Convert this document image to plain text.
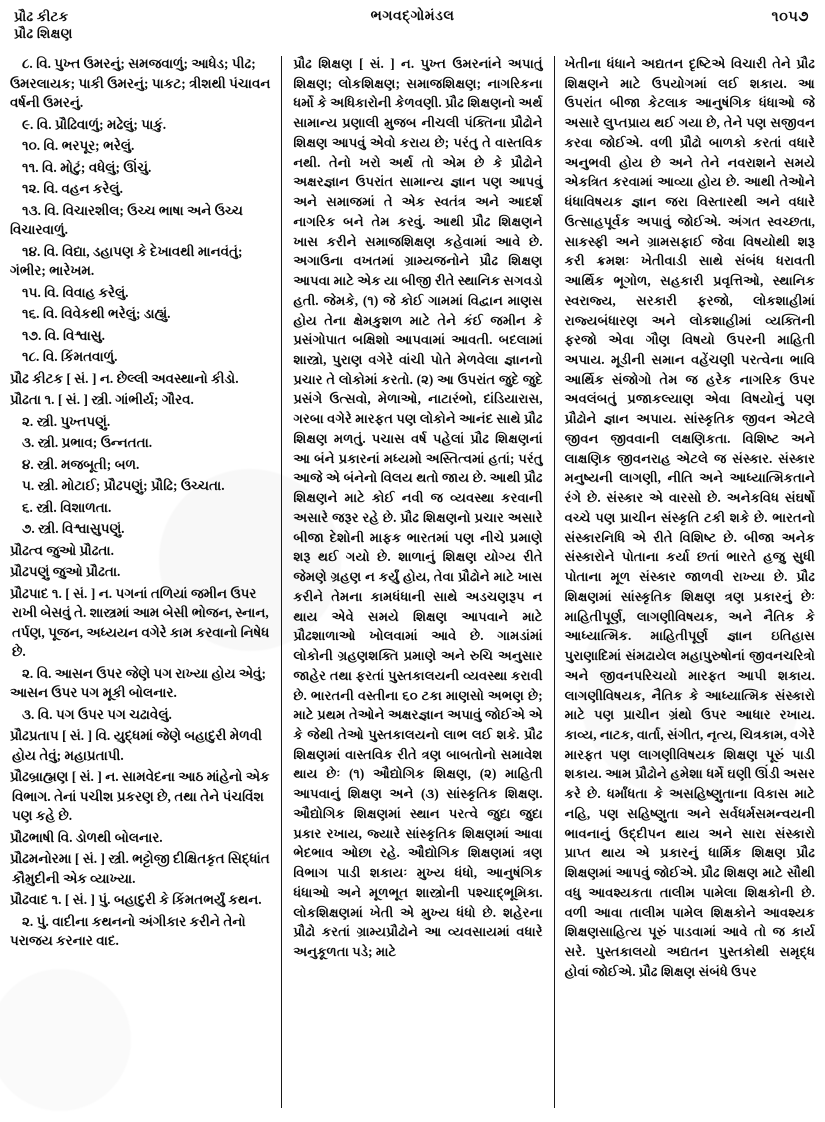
પ્રૌઢ કીટક
પ્રૌઢ શિક્ષણ
ભગવદ્ગોમંડલ	૧૦૫૭

૮. વિ. પુખ્ત ઉમરનું; સમજવાળું; આધેડ; પીઢ; ઉમરલાયક; પાકી ઉમરનું; પાકટ; ત્રીશથી પંચાવન વર્ષની ઉમરનું.

૯. વિ. પ્રૌઢિવાળું; મઢેલું; પાકું.

૧૦. વિ. ભરપૂર; ભરેલું.

૧૧. વિ. મોટું; વધેલું; ઊંચું.

૧૨. વિ. વહન કરેલું.

૧૩. વિ. વિચારશીલ; ઉચ્ચ ભાષા અને ઉચ્ચ વિચારવાળું.

૧૪. વિ. વિદ્યા, ડહાપણ કે દેખાવથી માનવંતું; ગંભીર; ભારેખમ.

૧૫. વિ. વિવાહ કરેલું.

૧૬. વિ. વિવેકથી ભરેલું; ડાહ્યું.

૧૭. વિ. વિશ્વાસુ.

૧૮. વિ. કિંમતવાળું.

પ્રૌઢ કીટક [ સં. ] ન. છેલ્લી અવસ્થાનો કીડો.

પ્રૌઢતા ૧. [ સં. ] સ્ત્રી. ગાંભીર્ય; ગૌરવ.

૨. સ્ત્રી. પુખ્તપણું.

૩. સ્ત્રી. પ્રભાવ; ઉન્નતતા.

૪. સ્ત્રી. મજબૂતી; બળ.

૫. સ્ત્રી. મોટાઈ; પ્રૌઢપણું; પ્રૌઢિ; ઉચ્ચતા.

૬. સ્ત્રી. વિશાળતા.

૭. સ્ત્રી. વિશ્વાસુપણું.

પ્રૌઢત્વ જુઓ પ્રૌઢતા.

પ્રૌઢપણું જુઓ પ્રૌઢતા.

પ્રૌઢપાદ ૧. [ સં. ] ન. પગનાં તળિયાં જમીન ઉપર રાખી બેસવું તે. શાસ્ત્રમાં આમ બેસી ભોજન, સ્નાન, તર્પણ, પૂજન, અધ્યયન વગેરે કામ કરવાનો નિષેધ છે.

૨. વિ. આસન ઉપર જેણે પગ રાખ્યા હોય એવું; આસન ઉપર પગ મૂકી બોલનાર.

૩. વિ. પગ ઉપર પગ ચઢાવેલું.

પ્રૌઢપ્રતાપ [ સં. ] વિ. યુદ્ધમાં જેણે બહાદુરી મેળવી હોય તેવું; મહાપ્રતાપી.

પ્રૌઢબ્રાહ્મણ [ સં. ] ન. સામવેદના આઠ માંહેનો એક વિભાગ. તેનાં પચીશ પ્રકરણ છે, તથા તેને પંચવિંશ પણ કહે છે.

પ્રૌઢભાષી વિ. ડોળથી બોલનાર.

પ્રૌઢમનોરમા [ સં. ] સ્ત્રી. ભટ્ટોજી દીક્ષિતકૃત સિદ્ધાંત કૌમુદીની એક વ્યાખ્યા.

પ્રૌઢવાદ ૧. [ સં. ] પું. બહાદુરી કે કિંમતભર્યું કથન.

૨. પું. વાદીના કથનનો અંગીકાર કરીને તેનો પરાજય કરનાર વાદ.

પ્રૌઢ શિક્ષણ [ સં. ] ન. પુખ્ત ઉમરનાંને અપાતું શિક્ષણ; લોકશિક્ષણ; સમાજશિક્ષણ; નાગરિકના ધર્મો કે અધિકારોની કેળવણી. પ્રૌઢ શિક્ષણનો અર્થ સામાન્ય પ્રણાલી મુજબ નીચલી પંક્તિના પ્રૌઢોને શિક્ષણ આપવું એવો કરાય છે; પરંતુ તે વાસ્તવિક નથી. તેનો ખરો અર્થ તો એમ છે કે પ્રૌઢોને અક્ષરજ્ઞાન ઉપરાંત સામાન્ય જ્ઞાન પણ આપવું અને સમાજમાં તે એક સ્વતંત્ર અને આદર્શ નાગરિક બને તેમ કરવું. આથી પ્રૌઢ શિક્ષણને ખાસ કરીને સમાજશિક્ષણ કહેવામાં આવે છે. અગાઉના વખતમાં ગ્રામ્યજનોને પ્રૌઢ શિક્ષણ આપવા માટે એક યા બીજી રીતે સ્થાનિક સગવડો હતી. જેમકે, (૧) જે કોઈ ગામમાં વિદ્વાન માણસ હોય તેના ક્ષેમકુશળ માટે તેને કંઈ જમીન કે પ્રસંગોપાત બક્ષિશો આપવામાં આવતી. બદલામાં શાસ્ત્રો, પુરાણ વગેરે વાંચી પોતે મેળવેલા જ્ઞાનનો પ્રચાર તે લોકોમાં કરતો. (૨) આ ઉપરાંત જુદે જુદે પ્રસંગે ઉત્સવો, મેળાઓ, નાટારંભો, દાંડિયારાસ, ગરબા વગેરે મારફત પણ લોકોને આનંદ સાથે પ્રૌઢ શિક્ષણ મળતું. પચાસ વર્ષ પહેલાં પ્રૌઢ શિક્ષણનાં આ બંને પ્રકારનાં મધ્યમો અસ્તિત્વમાં હતાં; પરંતુ આજે એ બંનેનો વિલય થતો જાય છે. આથી પ્રૌઢ શિક્ષણને માટે કોઈ નવી જ વ્યવસ્થા કરવાની અસારે જરૂર રહે છે. પ્રૌઢ શિક્ષણનો પ્રચાર અસારે બીજા દેશોની માફક ભારતમાં પણ નીચે પ્રમાણે શરૂ થઈ ગયો છે. શાળાનું શિક્ષણ યોગ્ય રીતે જેમણે ગ્રહણ ન કર્યું હોય, તેવા પ્રૌઢોને માટે ખાસ કરીને તેમના કામધંધાની સાથે અડચણરૂપ ન થાય એવે સમયે શિક્ષણ આપવાને માટે પ્રૌઢશાળાઓ ખોલવામાં આવે છે. ગામડાંમાં લોકોની ગ્રહણશક્તિ પ્રમાણે અને રુચિ અનુસાર જાહેર તથા ફરતાં પુસ્તકાલયની વ્યવસ્થા કરાવી છે. ભારતની વસ્તીના ૬૦ ટકા માણસો અભણ છે; માટે પ્રથમ તેઓને અક્ષરજ્ઞાન અપાવું જોઈએ એ કે જેથી તેઓ પુસ્તકાલયનો લાભ લઈ શકે. પ્રૌઢ શિક્ષણમાં વાસ્તવિક રીતે ત્રણ બાબતોનો સમાવેશ થાય છેઃ (૧) ઔદ્યોગિક શિક્ષણ, (૨) માહિતી આપવાનું શિક્ષણ અને (૩) સાંસ્કૃતિક શિક્ષણ. ઔદ્યોગિક શિક્ષણમાં સ્થાન પરત્વે જુદા જુદા પ્રકાર રખાય, જ્યારે સાંસ્કૃતિક શિક્ષણમાં આવા ભેદભાવ ઓછા રહે. ઔદ્યોગિક શિક્ષણમાં ત્રણ વિભાગ પાડી શકાયઃ મુખ્ય ધંધો, આનુષંગિક ધંધાઓ અને મૂળભૂત શાસ્ત્રોની પશ્ચાદ્ભૂમિકા. લોકશિક્ષણમાં ખેતી એ મુખ્ય ધંધો છે. શહેરના પ્રૌઢો કરતાં ગ્રામ્યપ્રૌઢોને આ વ્યવસાયમાં વધારે અનુકૂળતા પડે; માટે

ખેતીના ધંધાને અદ્યતન દૃષ્ટિએ વિચારી તેને પ્રૌઢ શિક્ષણને માટે ઉપયોગમાં લઈ શકાય. આ ઉપરાંત બીજા કેટલાક આનુષંગિક ધંધાઓ જે અસારે લુપ્તપ્રાય થઈ ગયા છે, તેને પણ સજીવન કરવા જોઈએ. વળી પ્રૌઢો બાળકો કરતાં વધારે અનુભવી હોય છે અને તેને નવરાશને સમયે એકત્રિત કરવામાં આવ્યા હોય છે. આથી તેઓને ધંધાવિષયક જ્ઞાન જરા વિસ્તારથી અને વધારે ઉત્સાહપૂર્વક અપાવું જોઈએ. અંગત સ્વચ્છતા, સાકસ્ફી અને ગ્રામસફાઈ જેવા વિષયોથી શરૂ કરી ક્રમશઃ ખેતીવાડી સાથે સંબંધ ધરાવતી આર્થિક ભૂગોળ, સહકારી પ્રવૃત્તિઓ, સ્થાનિક સ્વરાજ્ય, સરકારી ફરજો, લોકશાહીમાં રાજ્યબંધારણ અને લોકશાહીમાં વ્યક્તિની ફરજો એવા ગૌણ વિષયો ઉપરની માહિતી અપાય. મૂડીની સમાન વહેંચણી પરત્વેના ભાવિ આર્થિક સંજોગો તેમ જ હરેક નાગરિક ઉપર અવલંબતું પ્રજાકલ્યાણ એવા વિષયોનું પણ પ્રૌઢોને જ્ઞાન અપાય. સાંસ્કૃતિક જીવન એટલે જીવન જીવવાની લક્ષણિકતા. વિશિષ્ટ અને લાક્ષણિક જીવનરાહ એટલે જ સંસ્કાર. સંસ્કાર મનુષ્યની લાગણી, નીતિ અને આધ્યાત્મિકતાને રંગે છે. સંસ્કાર એ વારસો છે. અનેકવિધ સંઘર્ષો વચ્ચે પણ પ્રાચીન સંસ્કૃતિ ટકી શકે છે. ભારતનો સંસ્કારનિધિ એ રીતે વિશિષ્ટ છે. બીજા અનેક સંસ્કારોને પોતાના કર્યા છતાં ભારતે હજુ સુધી પોતાના મૂળ સંસ્કાર જાળવી રાખ્યા છે. પ્રૌઢ શિક્ષણમાં સાંસ્કૃતિક શિક્ષણ ત્રણ પ્રકારનું છેઃ માહિતીપૂર્ણ, લાગણીવિષયક, અને નૈતિક કે આધ્યાત્મિક. માહિતીપૂર્ણ જ્ઞાન ઇતિહાસ પુરાણાદિમાં સંમઢાયેલ મહાપુરુષોનાં જીવનચરિત્રો અને જીવનપરિચયો મારફત આપી શકાય. લાગણીવિષયક, નૈતિક કે આધ્યાત્મિક સંસ્કારો માટે પણ પ્રાચીન ગ્રંથો ઉપર આધાર રખાય. કાવ્ય, નાટક, વાર્તા, સંગીત, નૃત્ય, ચિત્રકામ, વગેરે મારફત પણ લાગણીવિષયક શિક્ષણ પૂરું પાડી શકાય. આમ પ્રૌઢોને હમેશા ધર્મે ઘણી ઊંડી અસર કરે છે. ધર્માંધતા કે અસહિષ્ણુતાના વિકાસ માટે નહિ, પણ સહિષ્ણુતા અને સર્વધર્મસમન્વયની ભાવનાનું ઉદ્દીપન થાય અને સારા સંસ્કારો પ્રાપ્ત થાય એ પ્રકારનું ધાર્મિક શિક્ષણ પ્રૌઢ શિક્ષણમાં આપવું જોઈએ. પ્રૌઢ શિક્ષણ માટે સૌથી વધુ આવશ્યકતા તાલીમ પામેલા શિક્ષકોની છે. વળી આવા તાલીમ પામેલ શિક્ષકોને આવશ્યક શિક્ષણસાહિત્ય પૂરું પાડવામાં આવે તો જ કાર્ય સરે. પુસ્તકાલયો અદ્યતન પુસ્તકોથી સમૃદ્ધ હોવાં જોઈએ. પ્રૌઢ શિક્ષણ સંબંધે ઉપર
